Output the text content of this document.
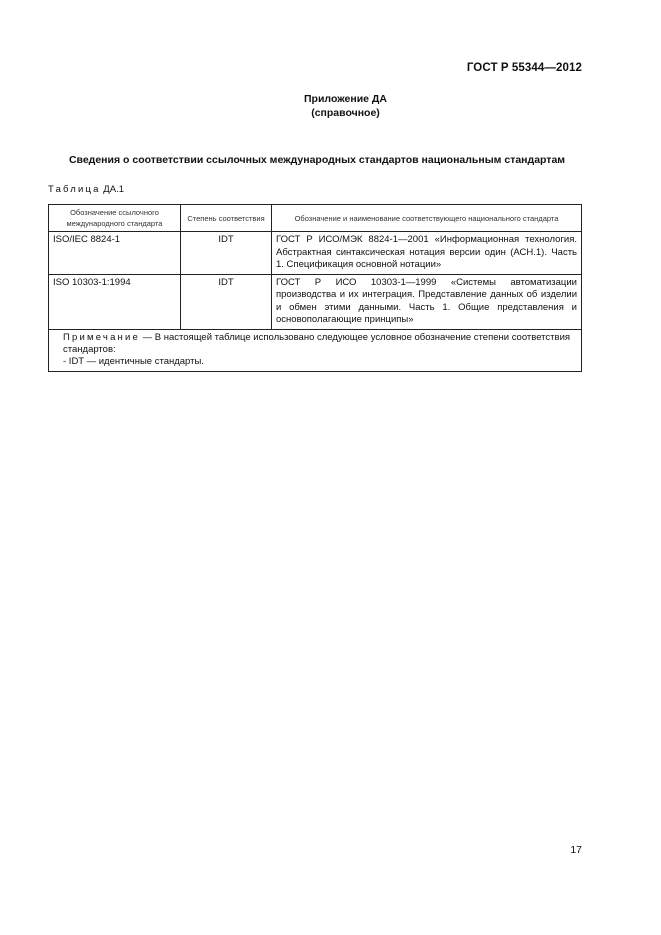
ГОСТ Р 55344—2012
Приложение ДА
(справочное)
Сведения о соответствии ссылочных международных стандартов национальным стандартам
Таблица ДА.1
Обозначение ссылочного международного стандарта	Степень соответствия	Обозначение и наименование соответствующего национального стандарта
ISO/IEC 8824-1	IDT	ГОСТ Р ИСО/МЭК 8824-1—2001 «Информационная технология. Абстрактная синтаксическая нотация версии один (АСН.1). Часть 1. Спецификация основной нотации»
ISO 10303-1:1994	IDT	ГОСТ Р ИСО 10303-1—1999 «Системы автоматизации производства и их интеграция. Представление данных об изделии и обмен этими данными. Часть 1. Общие представления и основополагающие принципы»

Примечание — В настоящей таблице использовано следующее условное обозначение степени соответствия стандартов:
- IDT — идентичные стандарты.		
17
